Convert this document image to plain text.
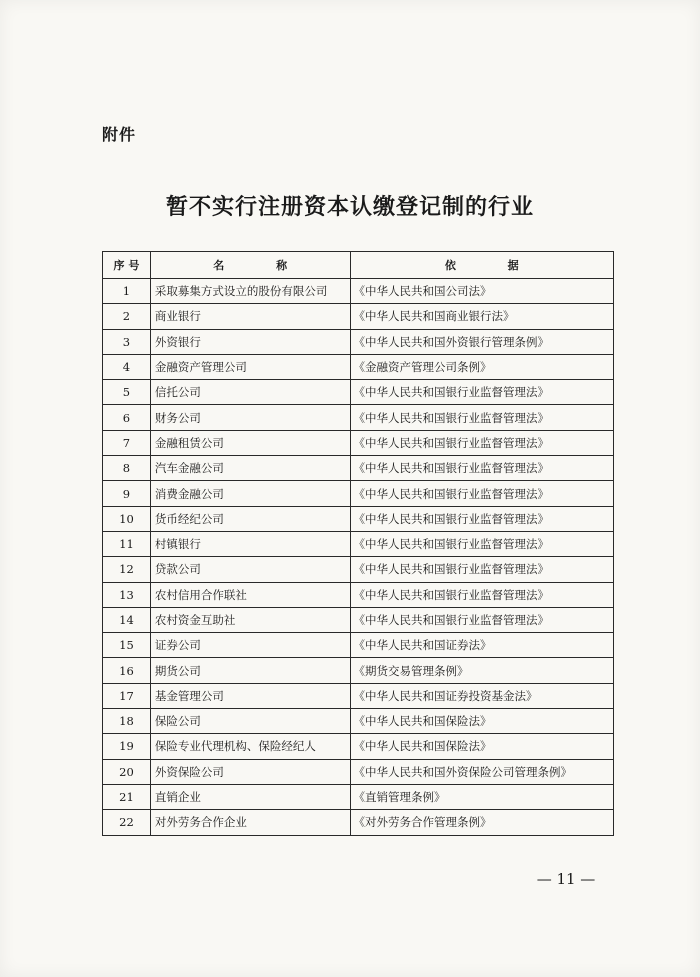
附件
暂不实行注册资本认缴登记制的行业
序 号	名 称	依 据
1	采取募集方式设立的股份有限公司	《中华人民共和国公司法》
2	商业银行	《中华人民共和国商业银行法》
3	外资银行	《中华人民共和国外资银行管理条例》
4	金融资产管理公司	《金融资产管理公司条例》
5	信托公司	《中华人民共和国银行业监督管理法》
6	财务公司	《中华人民共和国银行业监督管理法》
7	金融租赁公司	《中华人民共和国银行业监督管理法》
8	汽车金融公司	《中华人民共和国银行业监督管理法》
9	消费金融公司	《中华人民共和国银行业监督管理法》
10	货币经纪公司	《中华人民共和国银行业监督管理法》
11	村镇银行	《中华人民共和国银行业监督管理法》
12	贷款公司	《中华人民共和国银行业监督管理法》
13	农村信用合作联社	《中华人民共和国银行业监督管理法》
14	农村资金互助社	《中华人民共和国银行业监督管理法》
15	证券公司	《中华人民共和国证券法》
16	期货公司	《期货交易管理条例》
17	基金管理公司	《中华人民共和国证券投资基金法》
18	保险公司	《中华人民共和国保险法》
19	保险专业代理机构、保险经纪人	《中华人民共和国保险法》
20	外资保险公司	《中华人民共和国外资保险公司管理条例》
21	直销企业	《直销管理条例》
22	对外劳务合作企业	《对外劳务合作管理条例》
— 11 —
